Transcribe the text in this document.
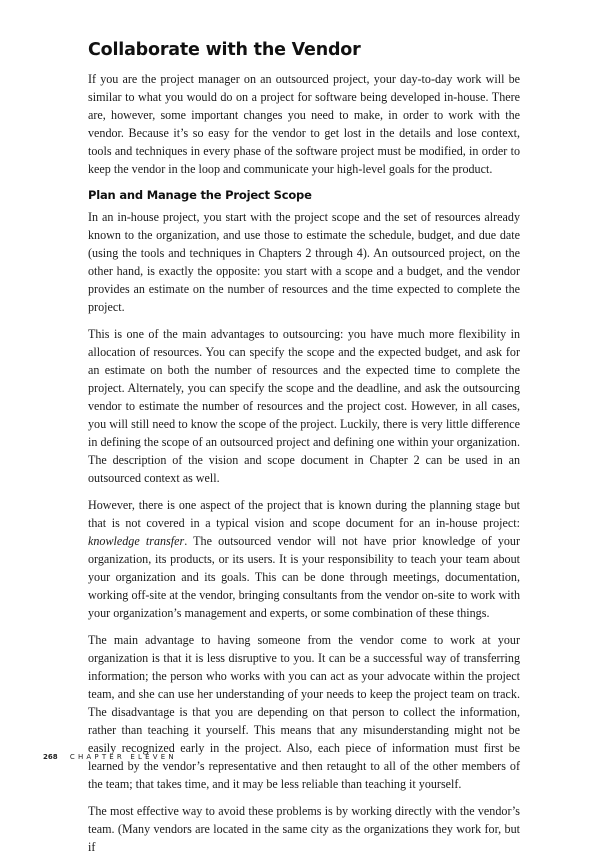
Collaborate with the Vendor

If you are the project manager on an outsourced project, your day-to-day work will be similar to what you would do on a project for software being developed in-house. There are, however, some important changes you need to make, in order to work with the vendor. Because it’s so easy for the vendor to get lost in the details and lose context, tools and techniques in every phase of the software project must be modified, in order to keep the vendor in the loop and communicate your high-level goals for the product.

Plan and Manage the Project Scope

In an in-house project, you start with the project scope and the set of resources already known to the organization, and use those to estimate the schedule, budget, and due date (using the tools and techniques in Chapters 2 through 4). An outsourced project, on the other hand, is exactly the opposite: you start with a scope and a budget, and the vendor provides an estimate on the number of resources and the time expected to complete the project.

This is one of the main advantages to outsourcing: you have much more flexibility in allocation of resources. You can specify the scope and the expected budget, and ask for an estimate on both the number of resources and the expected time to complete the project. Alternately, you can specify the scope and the deadline, and ask the outsourcing vendor to estimate the number of resources and the project cost. However, in all cases, you will still need to know the scope of the project. Luckily, there is very little difference in defining the scope of an outsourced project and defining one within your organization. The description of the vision and scope document in Chapter 2 can be used in an outsourced context as well.

However, there is one aspect of the project that is known during the planning stage but that is not covered in a typical vision and scope document for an in-house project: knowledge transfer. The outsourced vendor will not have prior knowledge of your organization, its products, or its users. It is your responsibility to teach your team about your organization and its goals. This can be done through meetings, documentation, working off-site at the vendor, bringing consultants from the vendor on-site to work with your organization’s management and experts, or some combination of these things.

The main advantage to having someone from the vendor come to work at your organization is that it is less disruptive to you. It can be a successful way of transferring information; the person who works with you can act as your advocate within the project team, and she can use her understanding of your needs to keep the project team on track. The disadvantage is that you are depending on that person to collect the information, rather than teaching it yourself. This means that any misunderstanding might not be easily recognized early in the project. Also, each piece of information must first be learned by the vendor’s representative and then retaught to all of the other members of the team; that takes time, and it may be less reliable than teaching it yourself.

The most effective way to avoid these problems is by working directly with the vendor’s team. (Many vendors are located in the same city as the organizations they work for, but if

268 CHAPTER ELEVEN
